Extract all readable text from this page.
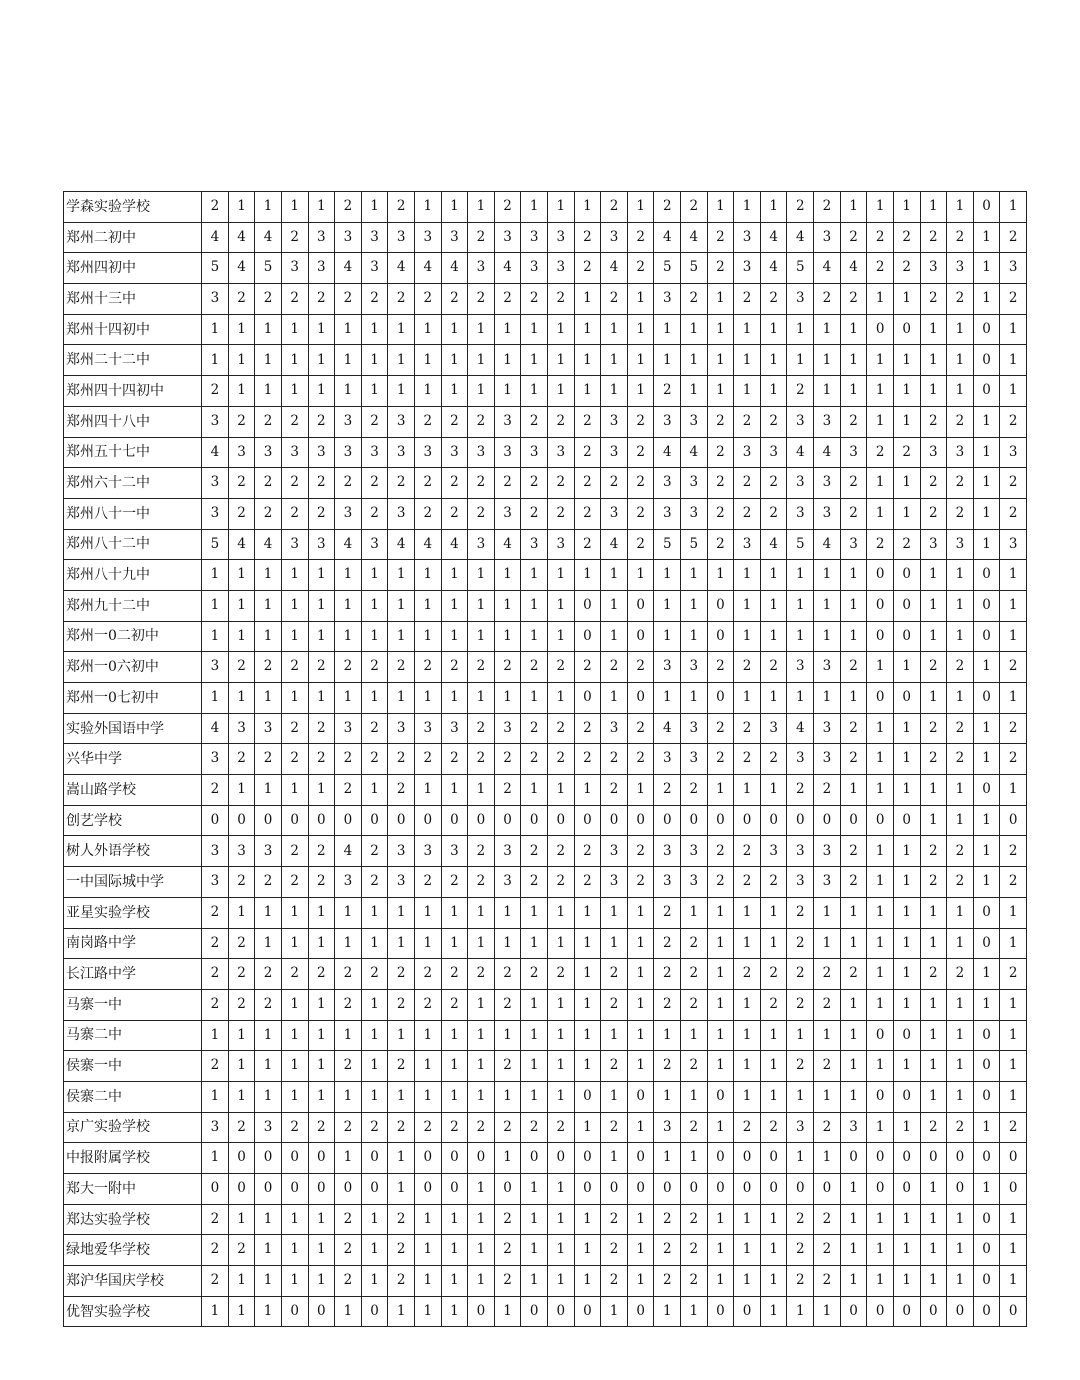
学森实验学校	2	1	1	1	1	2	1	2	1	1	1	2	1	1	1	2	1	2	2	1	1	1	2	2	1	1	1	1	1	0	1
郑州二初中	4	4	4	2	3	3	3	3	3	3	2	3	3	3	2	3	2	4	4	2	3	4	4	3	2	2	2	2	2	1	2
郑州四初中	5	4	5	3	3	4	3	4	4	4	3	4	3	3	2	4	2	5	5	2	3	4	5	4	4	2	2	3	3	1	3
郑州十三中	3	2	2	2	2	2	2	2	2	2	2	2	2	2	1	2	1	3	2	1	2	2	3	2	2	1	1	2	2	1	2
郑州十四初中	1	1	1	1	1	1	1	1	1	1	1	1	1	1	1	1	1	1	1	1	1	1	1	1	1	0	0	1	1	0	1
郑州二十二中	1	1	1	1	1	1	1	1	1	1	1	1	1	1	1	1	1	1	1	1	1	1	1	1	1	1	1	1	1	0	1
郑州四十四初中	2	1	1	1	1	1	1	1	1	1	1	1	1	1	1	1	1	2	1	1	1	1	2	1	1	1	1	1	1	0	1
郑州四十八中	3	2	2	2	2	3	2	3	2	2	2	3	2	2	2	3	2	3	3	2	2	2	3	3	2	1	1	2	2	1	2
郑州五十七中	4	3	3	3	3	3	3	3	3	3	3	3	3	3	2	3	2	4	4	2	3	3	4	4	3	2	2	3	3	1	3
郑州六十二中	3	2	2	2	2	2	2	2	2	2	2	2	2	2	2	2	2	3	3	2	2	2	3	3	2	1	1	2	2	1	2
郑州八十一中	3	2	2	2	2	3	2	3	2	2	2	3	2	2	2	3	2	3	3	2	2	2	3	3	2	1	1	2	2	1	2
郑州八十二中	5	4	4	3	3	4	3	4	4	4	3	4	3	3	2	4	2	5	5	2	3	4	5	4	3	2	2	3	3	1	3
郑州八十九中	1	1	1	1	1	1	1	1	1	1	1	1	1	1	1	1	1	1	1	1	1	1	1	1	1	0	0	1	1	0	1
郑州九十二中	1	1	1	1	1	1	1	1	1	1	1	1	1	1	0	1	0	1	1	0	1	1	1	1	1	0	0	1	1	0	1
郑州一0二初中	1	1	1	1	1	1	1	1	1	1	1	1	1	1	0	1	0	1	1	0	1	1	1	1	1	0	0	1	1	0	1
郑州一0六初中	3	2	2	2	2	2	2	2	2	2	2	2	2	2	2	2	2	3	3	2	2	2	3	3	2	1	1	2	2	1	2
郑州一0七初中	1	1	1	1	1	1	1	1	1	1	1	1	1	1	0	1	0	1	1	0	1	1	1	1	1	0	0	1	1	0	1
实验外国语中学	4	3	3	2	2	3	2	3	3	3	2	3	2	2	2	3	2	4	3	2	2	3	4	3	2	1	1	2	2	1	2
兴华中学	3	2	2	2	2	2	2	2	2	2	2	2	2	2	2	2	2	3	3	2	2	2	3	3	2	1	1	2	2	1	2
嵩山路学校	2	1	1	1	1	2	1	2	1	1	1	2	1	1	1	2	1	2	2	1	1	1	2	2	1	1	1	1	1	0	1
创艺学校	0	0	0	0	0	0	0	0	0	0	0	0	0	0	0	0	0	0	0	0	0	0	0	0	0	0	0	1	1	1	0
树人外语学校	3	3	3	2	2	4	2	3	3	3	2	3	2	2	2	3	2	3	3	2	2	3	3	3	2	1	1	2	2	1	2
一中国际城中学	3	2	2	2	2	3	2	3	2	2	2	3	2	2	2	3	2	3	3	2	2	2	3	3	2	1	1	2	2	1	2
亚星实验学校	2	1	1	1	1	1	1	1	1	1	1	1	1	1	1	1	1	2	1	1	1	1	2	1	1	1	1	1	1	0	1
南岗路中学	2	2	1	1	1	1	1	1	1	1	1	1	1	1	1	1	1	2	2	1	1	1	2	1	1	1	1	1	1	0	1
长江路中学	2	2	2	2	2	2	2	2	2	2	2	2	2	2	1	2	1	2	2	1	2	2	2	2	2	1	1	2	2	1	2
马寨一中	2	2	2	1	1	2	1	2	2	2	1	2	1	1	1	2	1	2	2	1	1	2	2	2	1	1	1	1	1	1	1
马寨二中	1	1	1	1	1	1	1	1	1	1	1	1	1	1	1	1	1	1	1	1	1	1	1	1	1	0	0	1	1	0	1
侯寨一中	2	1	1	1	1	2	1	2	1	1	1	2	1	1	1	2	1	2	2	1	1	1	2	2	1	1	1	1	1	0	1
侯寨二中	1	1	1	1	1	1	1	1	1	1	1	1	1	1	0	1	0	1	1	0	1	1	1	1	1	0	0	1	1	0	1
京广实验学校	3	2	3	2	2	2	2	2	2	2	2	2	2	2	1	2	1	3	2	1	2	2	3	2	3	1	1	2	2	1	2
中报附属学校	1	0	0	0	0	1	0	1	0	0	0	1	0	0	0	1	0	1	1	0	0	0	1	1	0	0	0	0	0	0	0
郑大一附中	0	0	0	0	0	0	0	1	0	0	1	0	1	1	0	0	0	0	0	0	0	0	0	0	1	0	0	1	0	1	0
郑达实验学校	2	1	1	1	1	2	1	2	1	1	1	2	1	1	1	2	1	2	2	1	1	1	2	2	1	1	1	1	1	0	1
绿地爱华学校	2	2	1	1	1	2	1	2	1	1	1	2	1	1	1	2	1	2	2	1	1	1	2	2	1	1	1	1	1	0	1
郑沪华国庆学校	2	1	1	1	1	2	1	2	1	1	1	2	1	1	1	2	1	2	2	1	1	1	2	2	1	1	1	1	1	0	1
优智实验学校	1	1	1	0	0	1	0	1	1	1	0	1	0	0	0	1	0	1	1	0	0	1	1	1	0	0	0	0	0	0	0
